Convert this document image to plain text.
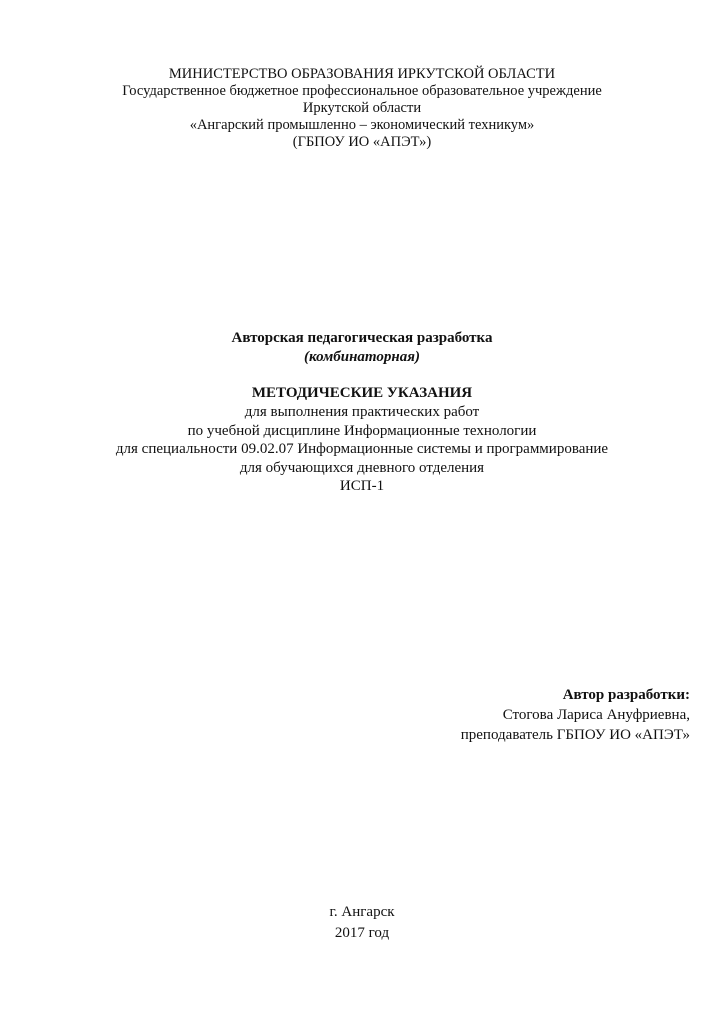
МИНИСТЕРСТВО ОБРАЗОВАНИЯ ИРКУТСКОЙ ОБЛАСТИ
Государственное бюджетное профессиональное образовательное учреждение
Иркутской области
«Ангарский промышленно – экономический техникум»
(ГБПОУ ИО «АПЭТ»)
Авторская педагогическая разработка
(комбинаторная)
МЕТОДИЧЕСКИЕ УКАЗАНИЯ
для выполнения практических работ
по учебной дисциплине Информационные технологии
для специальности 09.02.07 Информационные системы и программирование
для обучающихся дневного отделения
ИСП-1
Автор разработки:
Стогова Лариса Ануфриевна,
преподаватель ГБПОУ ИО «АПЭТ»
г. Ангарск
2017 год
